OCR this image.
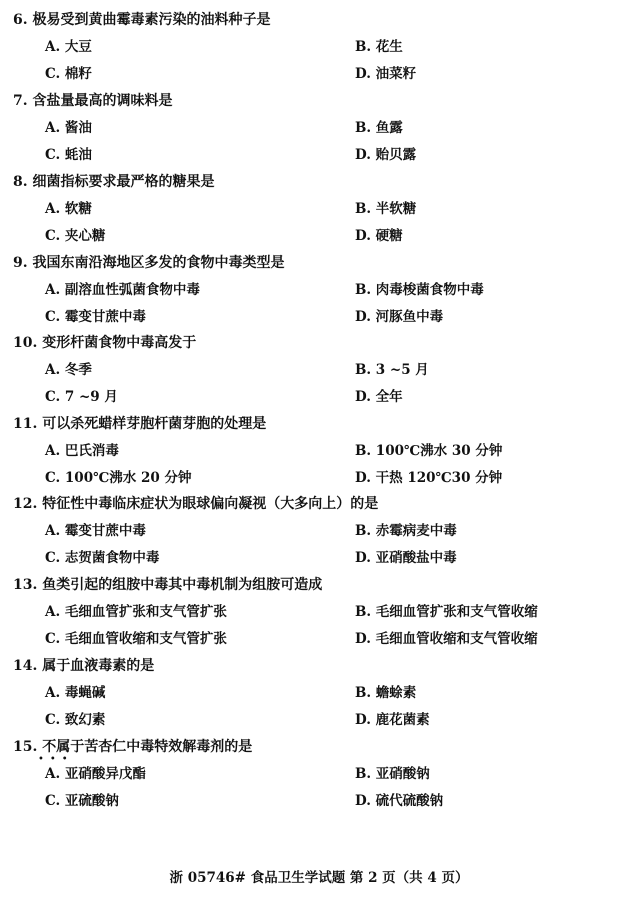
6. 极易受到黄曲霉毒素污染的油料种子是
A. 大豆	B. 花生
C. 棉籽	D. 油菜籽
7. 含盐量最高的调味料是
A. 酱油	B. 鱼露
C. 蚝油	D. 贻贝露
8. 细菌指标要求最严格的糖果是
A. 软糖	B. 半软糖
C. 夹心糖	D. 硬糖
9. 我国东南沿海地区多发的食物中毒类型是
A. 副溶血性弧菌食物中毒	B. 肉毒梭菌食物中毒
C. 霉变甘蔗中毒	D. 河豚鱼中毒
10. 变形杆菌食物中毒高发于
A. 冬季	B. 3 ~5 月
C. 7 ~9 月	D. 全年
11. 可以杀死蜡样芽胞杆菌芽胞的处理是
A. 巴氏消毒	B. 100℃沸水 30 分钟
C. 100℃沸水 20 分钟	D. 干热 120℃30 分钟
12. 特征性中毒临床症状为眼球偏向凝视（大多向上）的是
A. 霉变甘蔗中毒	B. 赤霉病麦中毒
C. 志贺菌食物中毒	D. 亚硝酸盐中毒
13. 鱼类引起的组胺中毒其中毒机制为组胺可造成
A. 毛细血管扩张和支气管扩张	B. 毛细血管扩张和支气管收缩
C. 毛细血管收缩和支气管扩张	D. 毛细血管收缩和支气管收缩
14. 属于血液毒素的是
A. 毒蝇碱	B. 蟾蜍素
C. 致幻素	D. 鹿花菌素
15. 不属于苦杏仁中毒特效解毒剂的是
•••
A. 亚硝酸异戊酯	B. 亚硝酸钠
C. 亚硫酸钠	D. 硫代硫酸钠
浙 05746# 食品卫生学试题 第 2 页（共 4 页）
